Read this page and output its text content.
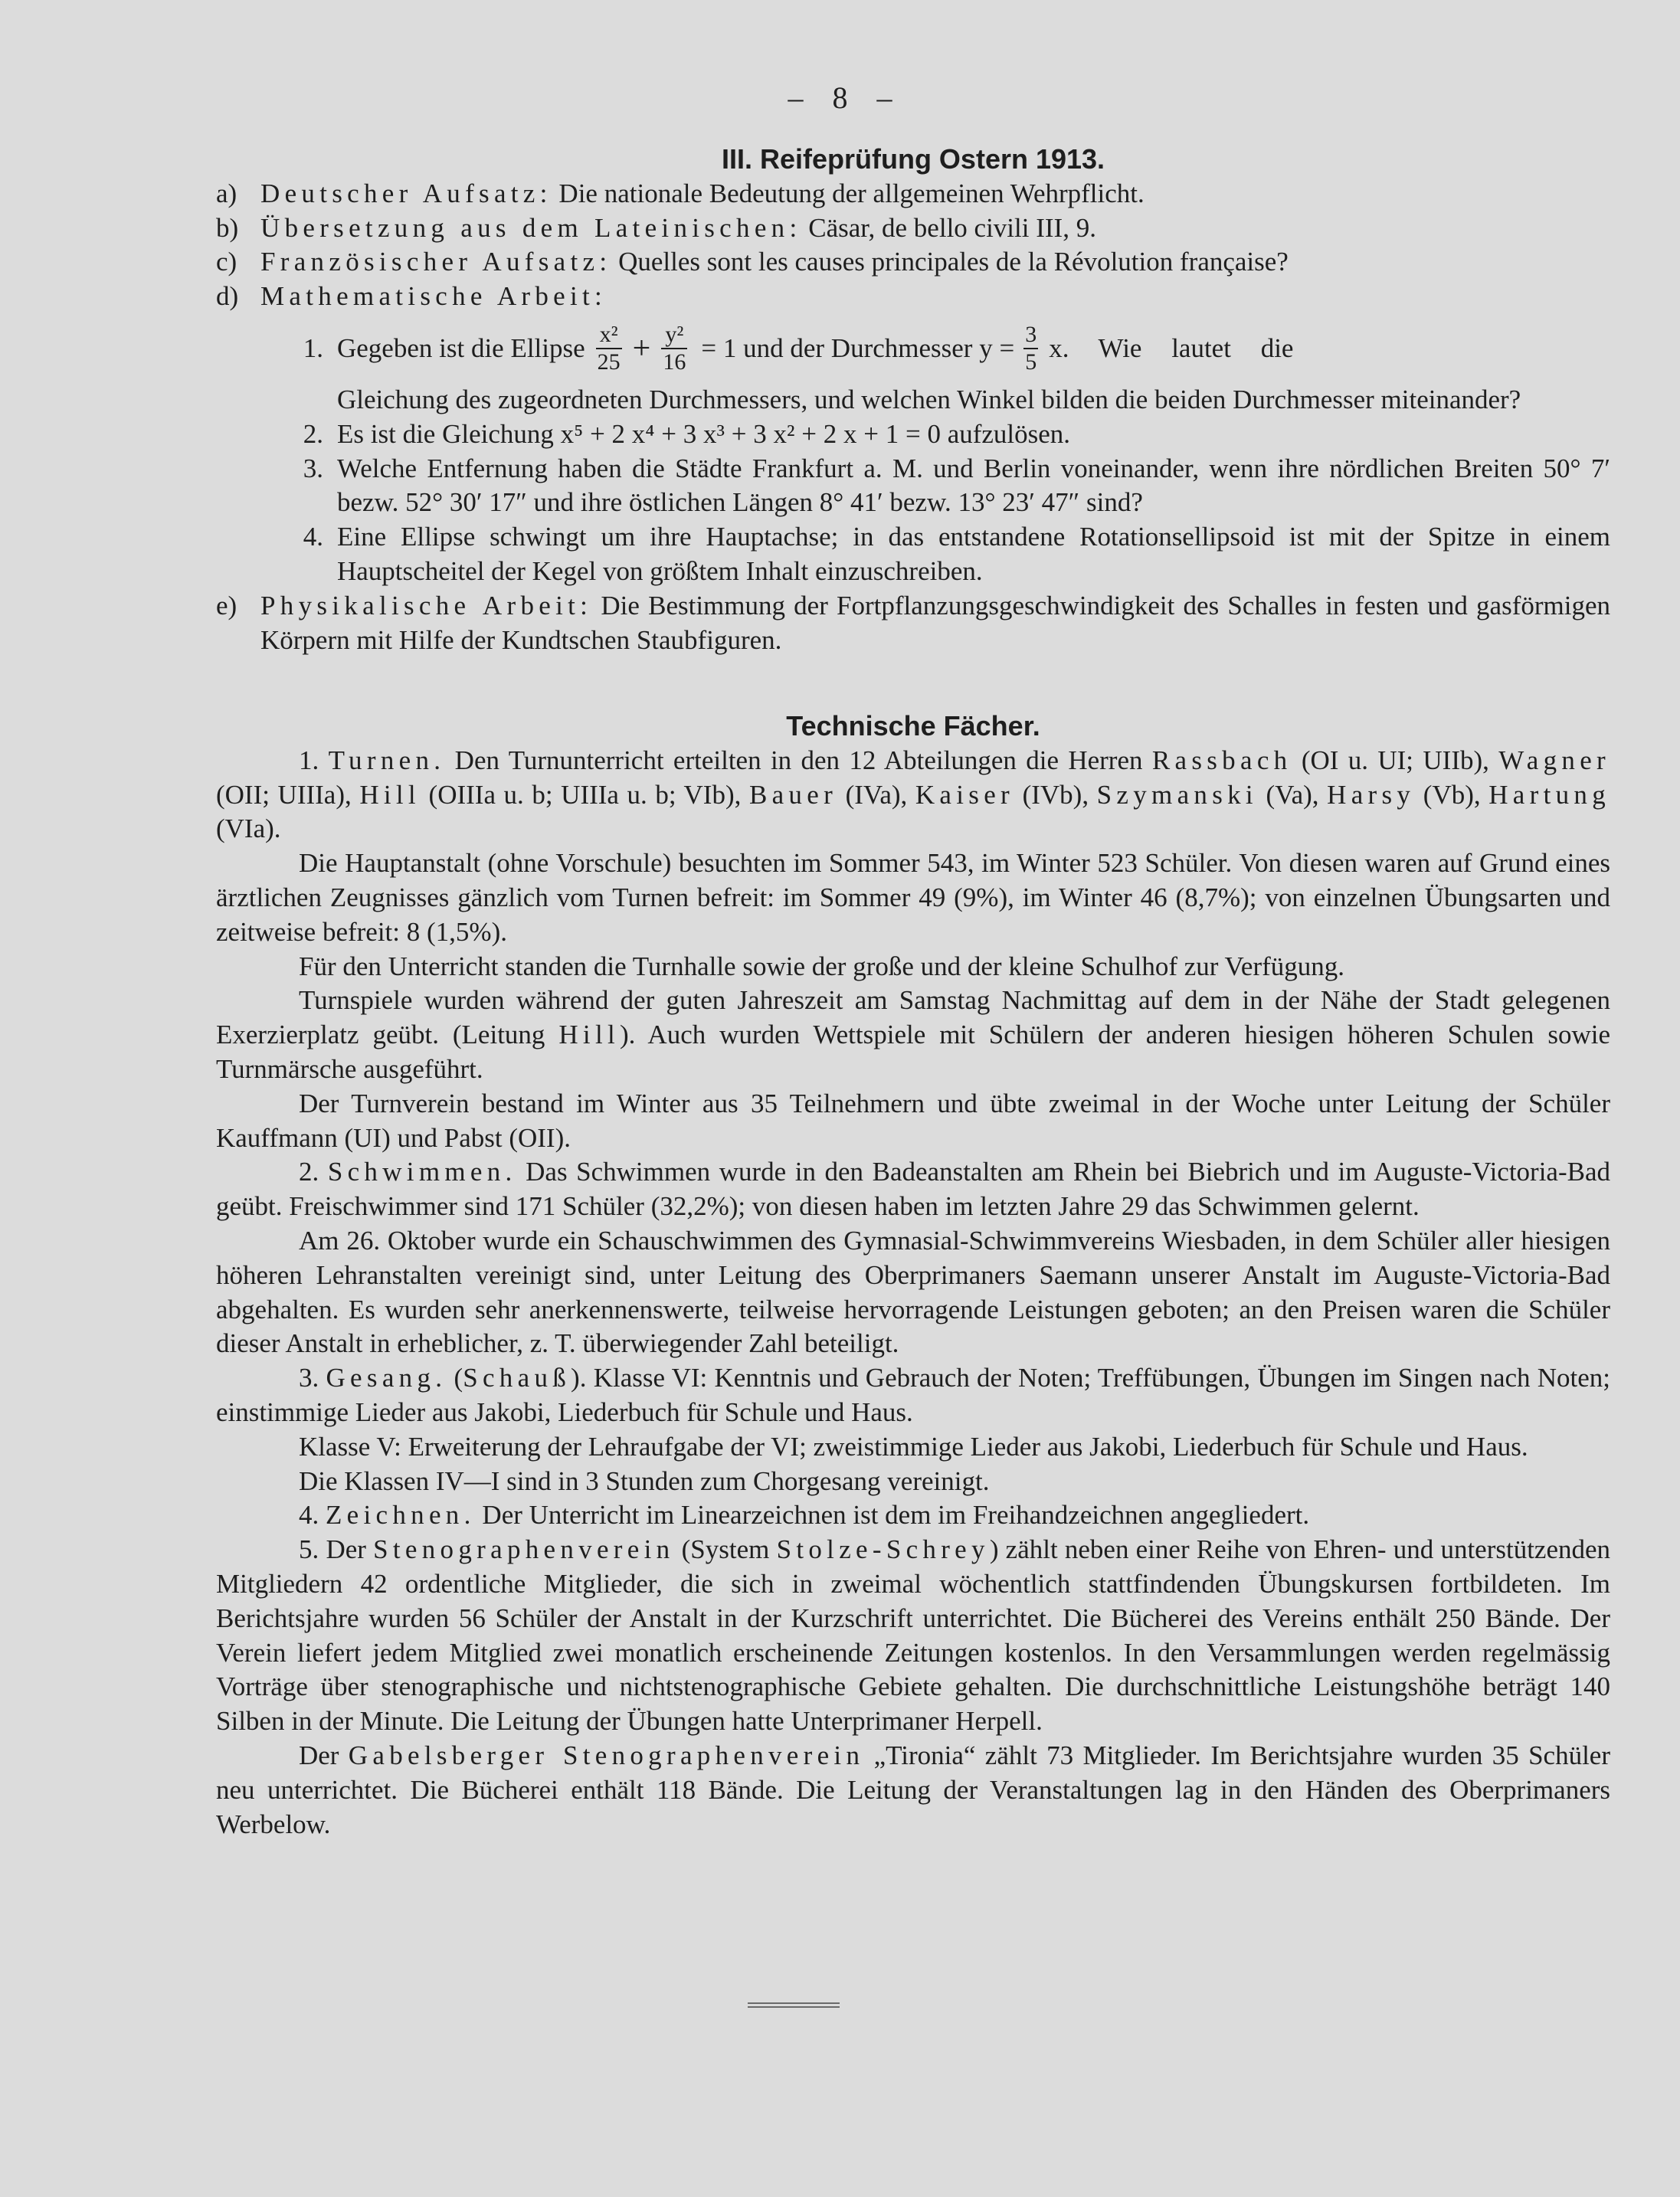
– 8 –
III. Reifeprüfung Ostern 1913.
a) Deutscher Aufsatz: Die nationale Bedeutung der allgemeinen Wehrpflicht.
b) Übersetzung aus dem Lateinischen: Cäsar, de bello civili III, 9.
c) Französischer Aufsatz: Quelles sont les causes principales de la Révolution française?
d) Mathematische Arbeit:
1. Gegeben ist die Ellipse $\frac{\text{x²}}{25} + \frac{\text{y²}}{16} = 1$ und der Durchmesser $y = \frac{3}{5} x$. Wie lautet die

Gleichung des zugeordneten Durchmessers, und welchen Winkel bilden die beiden Durchmesser miteinander?

2. Es ist die Gleichung x⁵ + 2 x⁴ + 3 x³ + 3 x² + 2 x + 1 = 0 aufzulösen.
3. Welche Entfernung haben die Städte Frankfurt a. M. und Berlin voneinander, wenn ihre nördlichen Breiten 50° 7′ bezw. 52° 30′ 17″ und ihre östlichen Längen 8° 41′ bezw. 13° 23′ 47″ sind?
4. Eine Ellipse schwingt um ihre Hauptachse; in das entstandene Rotationsellipsoid ist mit der Spitze in einem Hauptscheitel der Kegel von größtem Inhalt einzuschreiben.
e) Physikalische Arbeit: Die Bestimmung der Fortpflanzungsgeschwindigkeit des Schalles in festen und gasförmigen Körpern mit Hilfe der Kundtschen Staubfiguren.
Technische Fächer.

1. Turnen. Den Turnunterricht erteilten in den 12 Abteilungen die Herren Rassbach (OI u. UI; UIIb), Wagner (OII; UIIIa), Hill (OIIIa u. b; UIIIa u. b; VIb), Bauer (IVa), Kaiser (IVb), Szymanski (Va), Harsy (Vb), Hartung (VIa).

Die Hauptanstalt (ohne Vorschule) besuchten im Sommer 543, im Winter 523 Schüler. Von diesen waren auf Grund eines ärztlichen Zeugnisses gänzlich vom Turnen befreit: im Sommer 49 (9%), im Winter 46 (8,7%); von einzelnen Übungsarten und zeitweise befreit: 8 (1,5%).

Für den Unterricht standen die Turnhalle sowie der große und der kleine Schulhof zur Verfügung.

Turnspiele wurden während der guten Jahreszeit am Samstag Nachmittag auf dem in der Nähe der Stadt gelegenen Exerzierplatz geübt. (Leitung Hill). Auch wurden Wettspiele mit Schülern der anderen hiesigen höheren Schulen sowie Turnmärsche ausgeführt.

Der Turnverein bestand im Winter aus 35 Teilnehmern und übte zweimal in der Woche unter Leitung der Schüler Kauffmann (UI) und Pabst (OII).

2. Schwimmen. Das Schwimmen wurde in den Badeanstalten am Rhein bei Biebrich und im Auguste-Victoria-Bad geübt. Freischwimmer sind 171 Schüler (32,2%); von diesen haben im letzten Jahre 29 das Schwimmen gelernt.

Am 26. Oktober wurde ein Schauschwimmen des Gymnasial-Schwimmvereins Wiesbaden, in dem Schüler aller hiesigen höheren Lehranstalten vereinigt sind, unter Leitung des Oberprimaners Saemann unserer Anstalt im Auguste-Victoria-Bad abgehalten. Es wurden sehr anerkennenswerte, teilweise hervorragende Leistungen geboten; an den Preisen waren die Schüler dieser Anstalt in erheblicher, z. T. überwiegender Zahl beteiligt.

3. Gesang. (Schauß). Klasse VI: Kenntnis und Gebrauch der Noten; Treffübungen, Übungen im Singen nach Noten; einstimmige Lieder aus Jakobi, Liederbuch für Schule und Haus.

Klasse V: Erweiterung der Lehraufgabe der VI; zweistimmige Lieder aus Jakobi, Liederbuch für Schule und Haus.

Die Klassen IV—I sind in 3 Stunden zum Chorgesang vereinigt.

4. Zeichnen. Der Unterricht im Linearzeichnen ist dem im Freihandzeichnen angegliedert.

5. Der Stenographenverein (System Stolze-Schrey) zählt neben einer Reihe von Ehren- und unterstützenden Mitgliedern 42 ordentliche Mitglieder, die sich in zweimal wöchentlich stattfindenden Übungskursen fortbildeten. Im Berichtsjahre wurden 56 Schüler der Anstalt in der Kurzschrift unterrichtet. Die Bücherei des Vereins enthält 250 Bände. Der Verein liefert jedem Mitglied zwei monatlich erscheinende Zeitungen kostenlos. In den Versammlungen werden regelmässig Vorträge über stenographische und nichtstenographische Gebiete gehalten. Die durchschnittliche Leistungshöhe beträgt 140 Silben in der Minute. Die Leitung der Übungen hatte Unterprimaner Herpell.

Der Gabelsberger Stenographenverein „Tironia“ zählt 73 Mitglieder. Im Berichtsjahre wurden 35 Schüler neu unterrichtet. Die Bücherei enthält 118 Bände. Die Leitung der Veranstaltungen lag in den Händen des Oberprimaners Werbelow.
